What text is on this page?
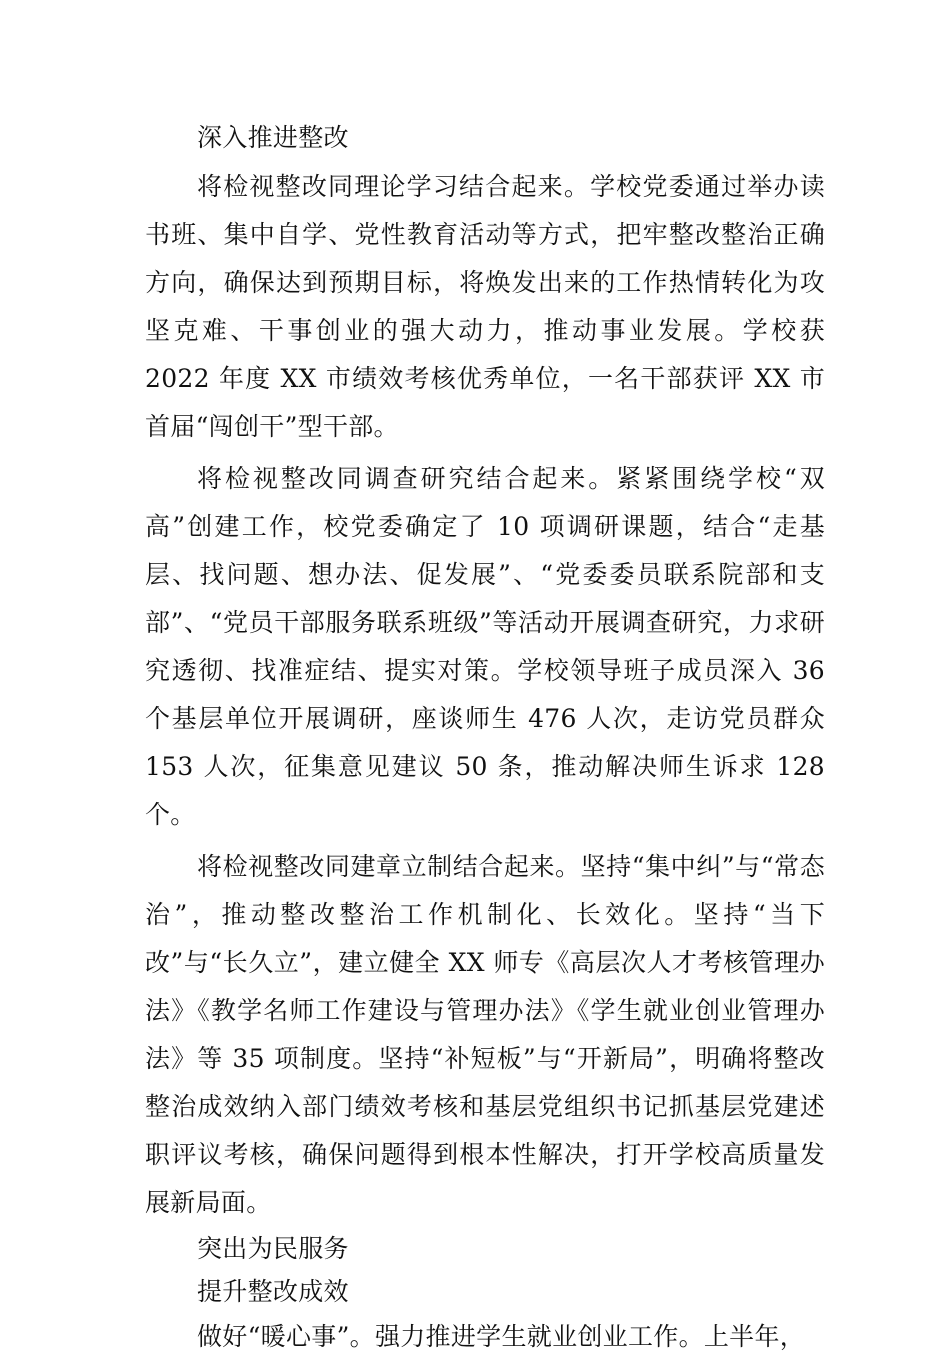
深入推进整改

将检视整改同理论学习结合起来。学校党委通过举办读书班、集中自学、党性教育活动等方式，把牢整改整治正确方向，确保达到预期目标，将焕发出来的工作热情转化为攻坚克难、干事创业的强大动力，推动事业发展。学校获 2022 年度 XX 市绩效考核优秀单位，一名干部获评 XX 市首届“闯创干”型干部。

将检视整改同调查研究结合起来。紧紧围绕学校“双高”创建工作，校党委确定了 10 项调研课题，结合“走基层、找问题、想办法、促发展”、“党委委员联系院部和支部”、“党员干部服务联系班级”等活动开展调查研究，力求研究透彻、找准症结、提实对策。学校领导班子成员深入 36 个基层单位开展调研，座谈师生 476 人次，走访党员群众 153 人次，征集意见建议 50 条，推动解决师生诉求 128 个。

将检视整改同建章立制结合起来。坚持“集中纠”与“常态治”，推动整改整治工作机制化、长效化。坚持“当下改”与“长久立”，建立健全 XX 师专《高层次人才考核管理办法》《教学名师工作建设与管理办法》《学生就业创业管理办法》等 35 项制度。坚持“补短板”与“开新局”，明确将整改整治成效纳入部门绩效考核和基层党组织书记抓基层党建述职评议考核，确保问题得到根本性解决，打开学校高质量发展新局面。

突出为民服务

提升整改成效

做好“暖心事”。强力推进学生就业创业工作。上半年，
